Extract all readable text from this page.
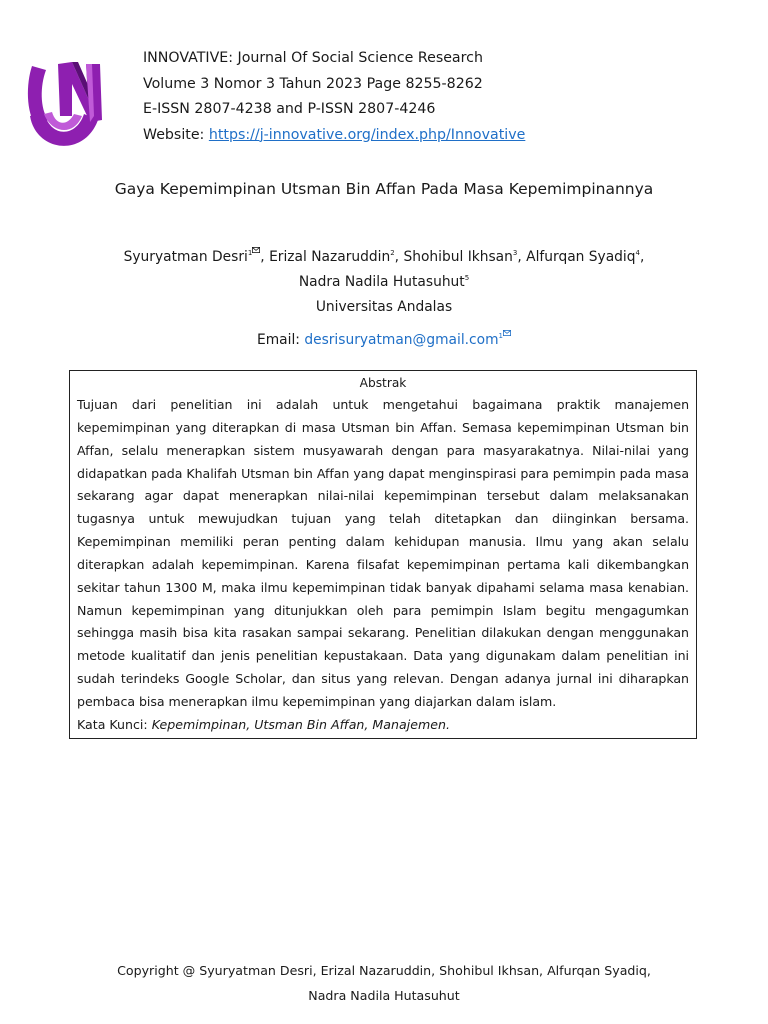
INNOVATIVE: Journal Of Social Science Research
Volume 3 Nomor 3 Tahun 2023 Page 8255-8262
E-ISSN 2807-4238 and P-ISSN 2807-4246
Website: https://j-innovative.org/index.php/Innovative
Gaya Kepemimpinan Utsman Bin Affan Pada Masa Kepemimpinannya
Syuryatman Desri$^1$ , Erizal Nazaruddin$^2$, Shohibul Ikhsan$^3$, Alfurqan Syadiq$^4$,
Nadra Nadila Hutasuhut$^5$
Universitas Andalas
Email: desrisuryatman@gmail.com$^1$
Abstrak

Tujuan dari penelitian ini adalah untuk mengetahui bagaimana praktik manajemen kepemimpinan yang diterapkan di masa Utsman bin Affan. Semasa kepemimpinan Utsman bin Affan, selalu menerapkan sistem musyawarah dengan para masyarakatnya. Nilai-nilai yang didapatkan pada Khalifah Utsman bin Affan yang dapat menginspirasi para pemimpin pada masa sekarang agar dapat menerapkan nilai-nilai kepemimpinan tersebut dalam melaksanakan tugasnya untuk mewujudkan tujuan yang telah ditetapkan dan diinginkan bersama. Kepemimpinan memiliki peran penting dalam kehidupan manusia. Ilmu yang akan selalu diterapkan adalah kepemimpinan. Karena filsafat kepemimpinan pertama kali dikembangkan sekitar tahun 1300 M, maka ilmu kepemimpinan tidak banyak dipahami selama masa kenabian. Namun kepemimpinan yang ditunjukkan oleh para pemimpin Islam begitu mengagumkan sehingga masih bisa kita rasakan sampai sekarang. Penelitian dilakukan dengan menggunakan metode kualitatif dan jenis penelitian kepustakaan. Data yang digunakam dalam penelitian ini sudah terindeks Google Scholar, dan situs yang relevan. Dengan adanya jurnal ini diharapkan pembaca bisa menerapkan ilmu kepemimpinan yang diajarkan dalam islam.

Kata Kunci: Kepemimpinan, Utsman Bin Affan, Manajemen.
Copyright @ Syuryatman Desri, Erizal Nazaruddin, Shohibul Ikhsan, Alfurqan Syadiq,
Nadra Nadila Hutasuhut
